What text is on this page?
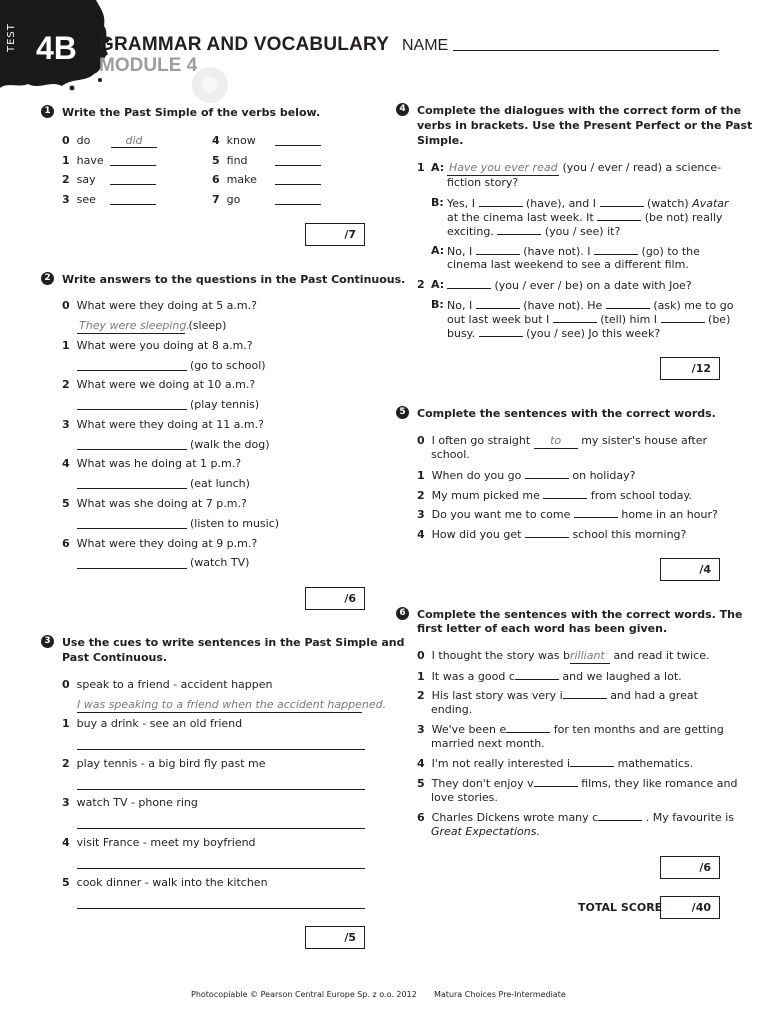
TEST 4B GRAMMAR AND VOCABULARY
MODULE 4
NAME
1	Write the Past Simple of the verbs below.
0 do	did
1 have
2 say
3 see
4 know
5 find
6 make
7 go
/7
2	Write answers to the questions in the Past Continuous.
0 What were they doing at 5 a.m.?
They were sleeping. (sleep)
1 What were you doing at 8 a.m.?
(go to school)
2 What were we doing at 10 a.m.?
(play tennis)
3 What were they doing at 11 a.m.?
(walk the dog)
4 What was he doing at 1 p.m.?
(eat lunch)
5 What was she doing at 7 p.m.?
(listen to music)
6 What were they doing at 9 p.m.?
(watch TV)
/6
3	Use the cues to write sentences in the Past Simple and
Past Continuous.
0 speak to a friend - accident happen
I was speaking to a friend when the accident happened.
1 buy a drink - see an old friend
2 play tennis - a big bird fly past me
3 watch TV - phone ring
4 visit France - meet my boyfriend
5 cook dinner - walk into the kitchen
/5
4	Complete the dialogues with the correct form of the
verbs in brackets. Use the Present Perfect or the Past
Simple.
1 A: Have you ever read (you / ever / read) a science-
fiction story?
B: Yes, I	(have), and I	(watch) Avatar
at the cinema last week. It	(be not) really
exciting.	(you / see) it?
A: No, I	(have not). I	(go) to the
cinema last weekend to see a different film.
2 A:	(you / ever / be) on a date with Joe?
B: No, I	(have not). He	(ask) me to go
out last week but I	(tell) him I	(be)
busy.	(you / see) Jo this week?
/12
5	Complete the sentences with the correct words.
0 I often go straight to my sister's house after
school.
1 When do you go	on holiday?
2 My mum picked me	from school today.
3 Do you want me to come	home in an hour?
4 How did you get	school this morning?
/4
6	Complete the sentences with the correct words. The
first letter of each word has been given.
0 I thought the story was brilliant and read it twice.
1 It was a good c	and we laughed a lot.
2 His last story was very i	and had a great
ending.
3 We've been e	for ten months and are getting
married next month.
4 I'm not really interested i	mathematics.
5 They don't enjoy v	films, they like romance and
love stories.
6 Charles Dickens wrote many c	. My favourite is
Great Expectations.
/6
TOTAL SCORE	/40
Photocopiable © Pearson Central Europe Sp. z o.o. 2012 Matura Choices Pre-Intermediate
